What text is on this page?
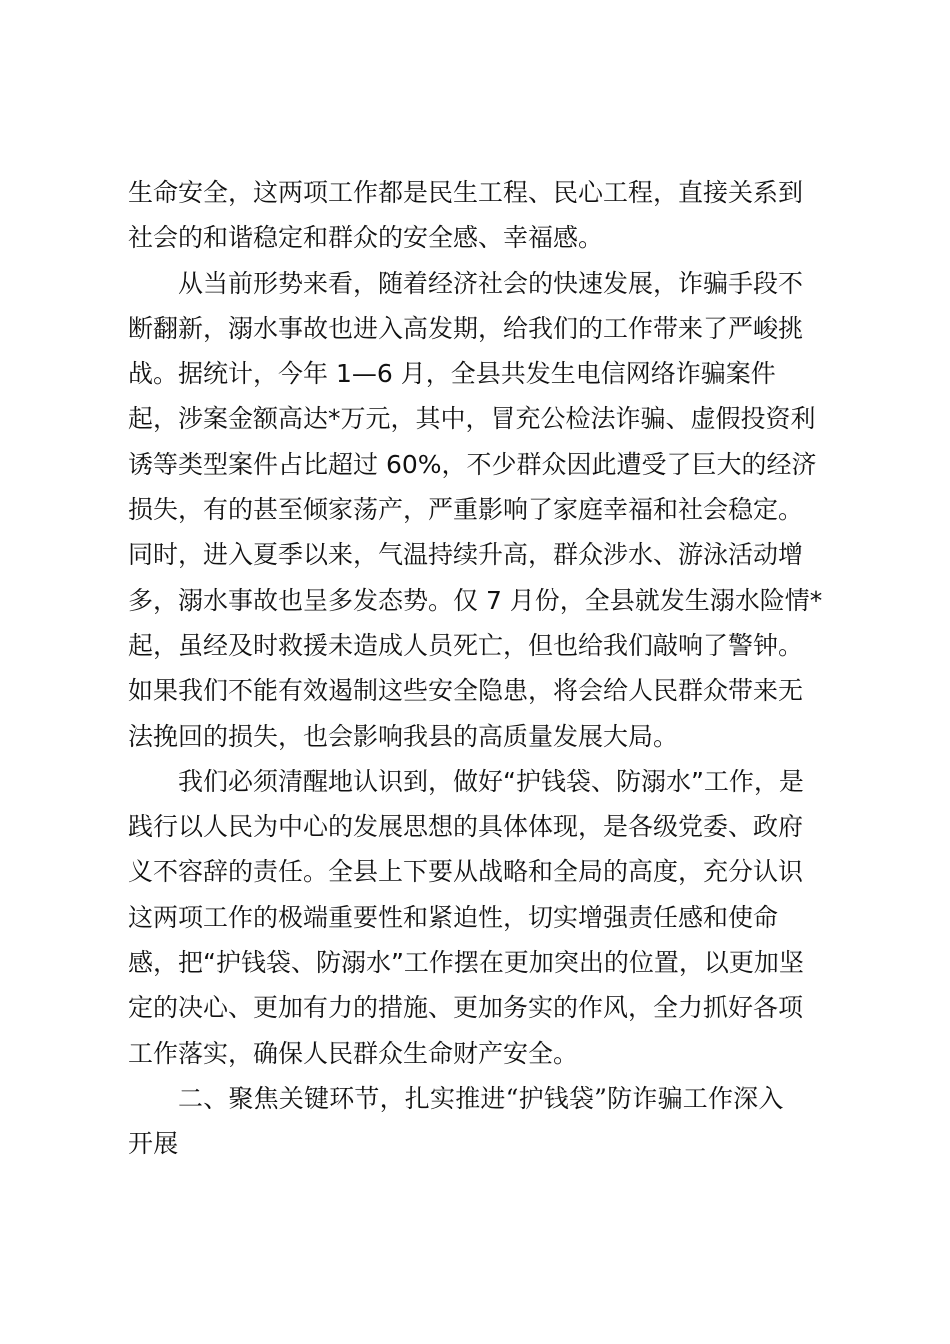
生命安全，这两项工作都是民生工程、民心工程，直接关系到
社会的和谐稳定和群众的安全感、幸福感。
从当前形势来看，随着经济社会的快速发展，诈骗手段不
断翻新，溺水事故也进入高发期，给我们的工作带来了严峻挑
战。据统计，今年 1—6 月，全县共发生电信网络诈骗案件
起，涉案金额高达*万元，其中，冒充公检法诈骗、虚假投资利
诱等类型案件占比超过 60%，不少群众因此遭受了巨大的经济
损失，有的甚至倾家荡产，严重影响了家庭幸福和社会稳定。
同时，进入夏季以来，气温持续升高，群众涉水、游泳活动增
多，溺水事故也呈多发态势。仅 7 月份，全县就发生溺水险情*
起，虽经及时救援未造成人员死亡，但也给我们敲响了警钟。
如果我们不能有效遏制这些安全隐患，将会给人民群众带来无
法挽回的损失，也会影响我县的高质量发展大局。
我们必须清醒地认识到，做好“护钱袋、防溺水”工作，是
践行以人民为中心的发展思想的具体体现，是各级党委、政府
义不容辞的责任。全县上下要从战略和全局的高度，充分认识
这两项工作的极端重要性和紧迫性，切实增强责任感和使命
感，把“护钱袋、防溺水”工作摆在更加突出的位置，以更加坚
定的决心、更加有力的措施、更加务实的作风，全力抓好各项
工作落实，确保人民群众生命财产安全。
二、聚焦关键环节，扎实推进“护钱袋”防诈骗工作深入
开展
